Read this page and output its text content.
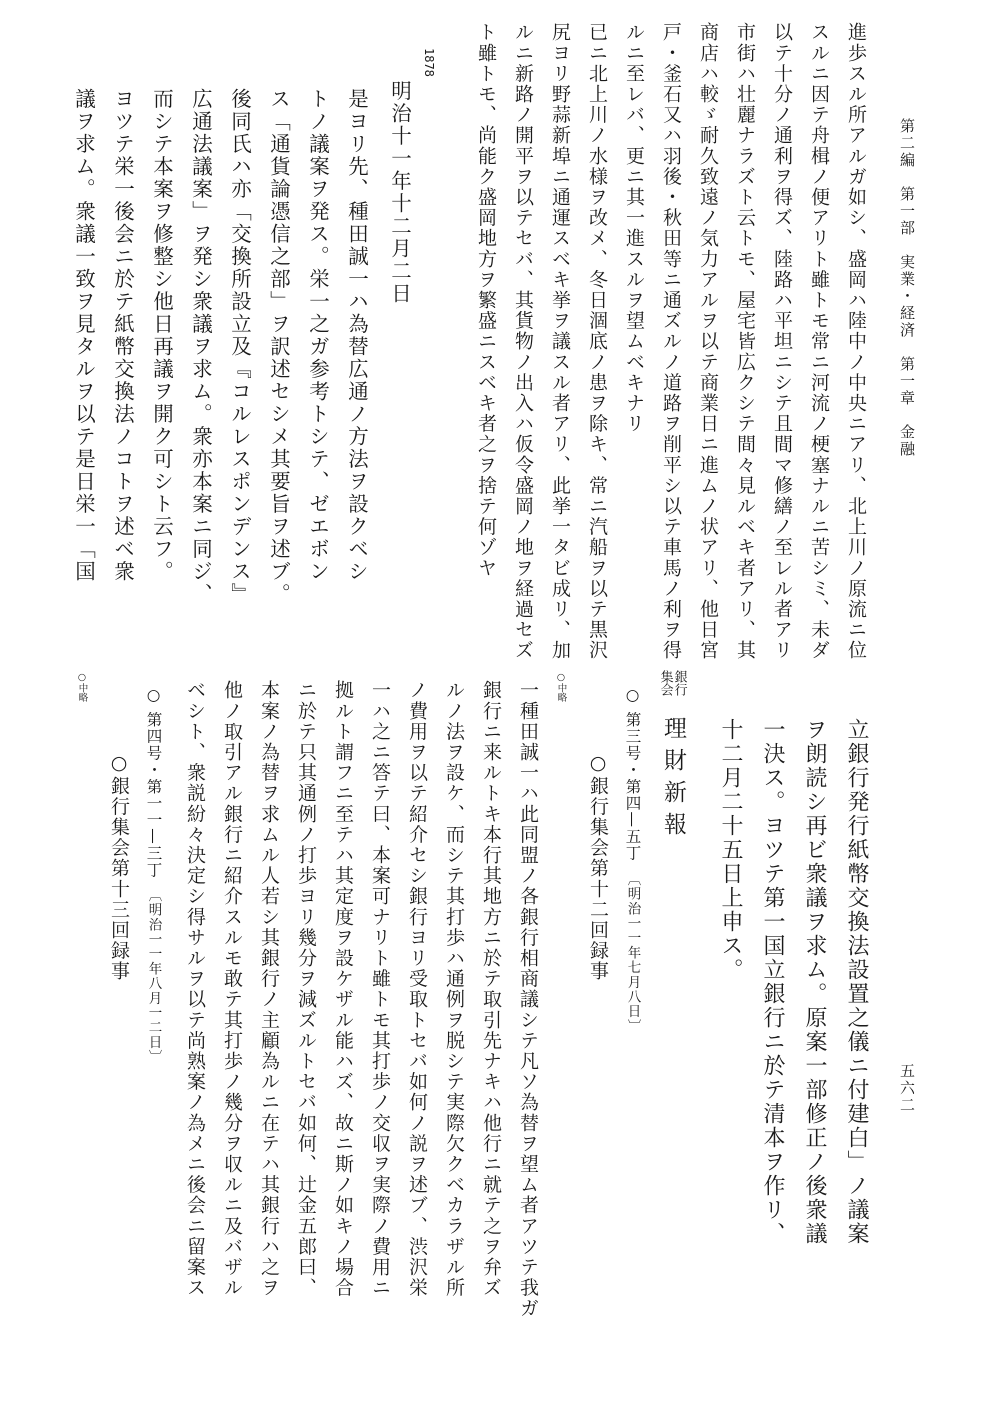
第二編　第一部　実業・経済　第一章　金融
五六二
進歩スル所アルガ如シ、盛岡ハ陸中ノ中央ニアリ、北上川ノ原流ニ位
スルニ因テ舟楫ノ便アリト雖トモ常ニ河流ノ梗塞ナルニ苦シミ、未ダ
以テ十分ノ通利ヲ得ズ、陸路ハ平坦ニシテ且間マ修繕ノ至レル者アリ
市街ハ壮麗ナラズト云トモ、屋宅皆広クシテ間々見ルベキ者アリ、其
商店ハ較ゞ耐久致遠ノ気力アルヲ以テ商業日ニ進ムノ状アリ、他日宮
戸・釜石又ハ羽後・秋田等ニ通ズルノ道路ヲ削平シ以テ車馬ノ利ヲ得
ルニ至レバ、更ニ其一進スルヲ望ムベキナリ
已ニ北上川ノ水様ヲ改メ、冬日涸底ノ患ヲ除キ、常ニ汽船ヲ以テ黒沢
尻ヨリ野蒜新埠ニ通運スベキ挙ヲ議スル者アリ、此挙一タビ成リ、加
ルニ新路ノ開平ヲ以テセバ、其貨物ノ出入ハ仮令盛岡ノ地ヲ経過セズ
ト雖トモ、尚能ク盛岡地方ヲ繁盛ニスベキ者之ヲ捨テ何ゾヤ
1878
明治十一年十二月二日
是ヨリ先、種田誠一ハ為替広通ノ方法ヲ設クベシ
トノ議案ヲ発ス。栄一之ガ参考トシテ、ゼエボン
ス「通貨論憑信之部」ヲ訳述セシメ其要旨ヲ述ブ。
後同氏ハ亦「交換所設立及『コルレスポンデンス』
広通法議案」ヲ発シ衆議ヲ求ム。衆亦本案ニ同ジ、
而シテ本案ヲ修整シ他日再議ヲ開ク可シト云フ。
ヨツテ栄一後会ニ於テ紙幣交換法ノコトヲ述ベ衆
議ヲ求ム。衆議一致ヲ見タルヲ以テ是日栄一「国
立銀行発行紙幣交換法設置之儀ニ付建白」ノ議案
ヲ朗読シ再ビ衆議ヲ求ム。原案一部修正ノ後衆議
一決ス。ヨツテ第一国立銀行ニ於テ清本ヲ作リ、
十二月二十五日上申ス。
銀行
集会
理財新報
○ 第三号・第四—五丁〔明治一一年七月八日〕
○銀行集会第十二回録事
○中略
一種田誠一ハ此同盟ノ各銀行相商議シテ凡ソ為替ヲ望ム者アツテ我ガ
銀行ニ来ルトキ本行其地方ニ於テ取引先ナキハ他行ニ就テ之ヲ弁ズ
ルノ法ヲ設ケ、而シテ其打歩ハ通例ヲ脱シテ実際欠クベカラザル所
ノ費用ヲ以テ紹介セシ銀行ヨリ受取トセバ如何ノ説ヲ述ブ、渋沢栄
一ハ之ニ答テ曰、本案可ナリト雖トモ其打歩ノ交収ヲ実際ノ費用ニ
拠ルト謂フニ至テハ其定度ヲ設ケザル能ハズ、故ニ斯ノ如キノ場合
ニ於テ只其通例ノ打歩ヨリ幾分ヲ減ズルトセバ如何、辻金五郎曰、
本案ノ為替ヲ求ムル人若シ其銀行ノ主顧為ルニ在テハ其銀行ハ之ヲ
他ノ取引アル銀行ニ紹介スルモ敢テ其打歩ノ幾分ヲ収ルニ及バザル
ベシト、衆説紛々決定シ得サルヲ以テ尚熟案ノ為メニ後会ニ留案ス
○ 第四号・第一一—三丁〔明治一一年八月一二日〕
○銀行集会第十三回録事
○中略
